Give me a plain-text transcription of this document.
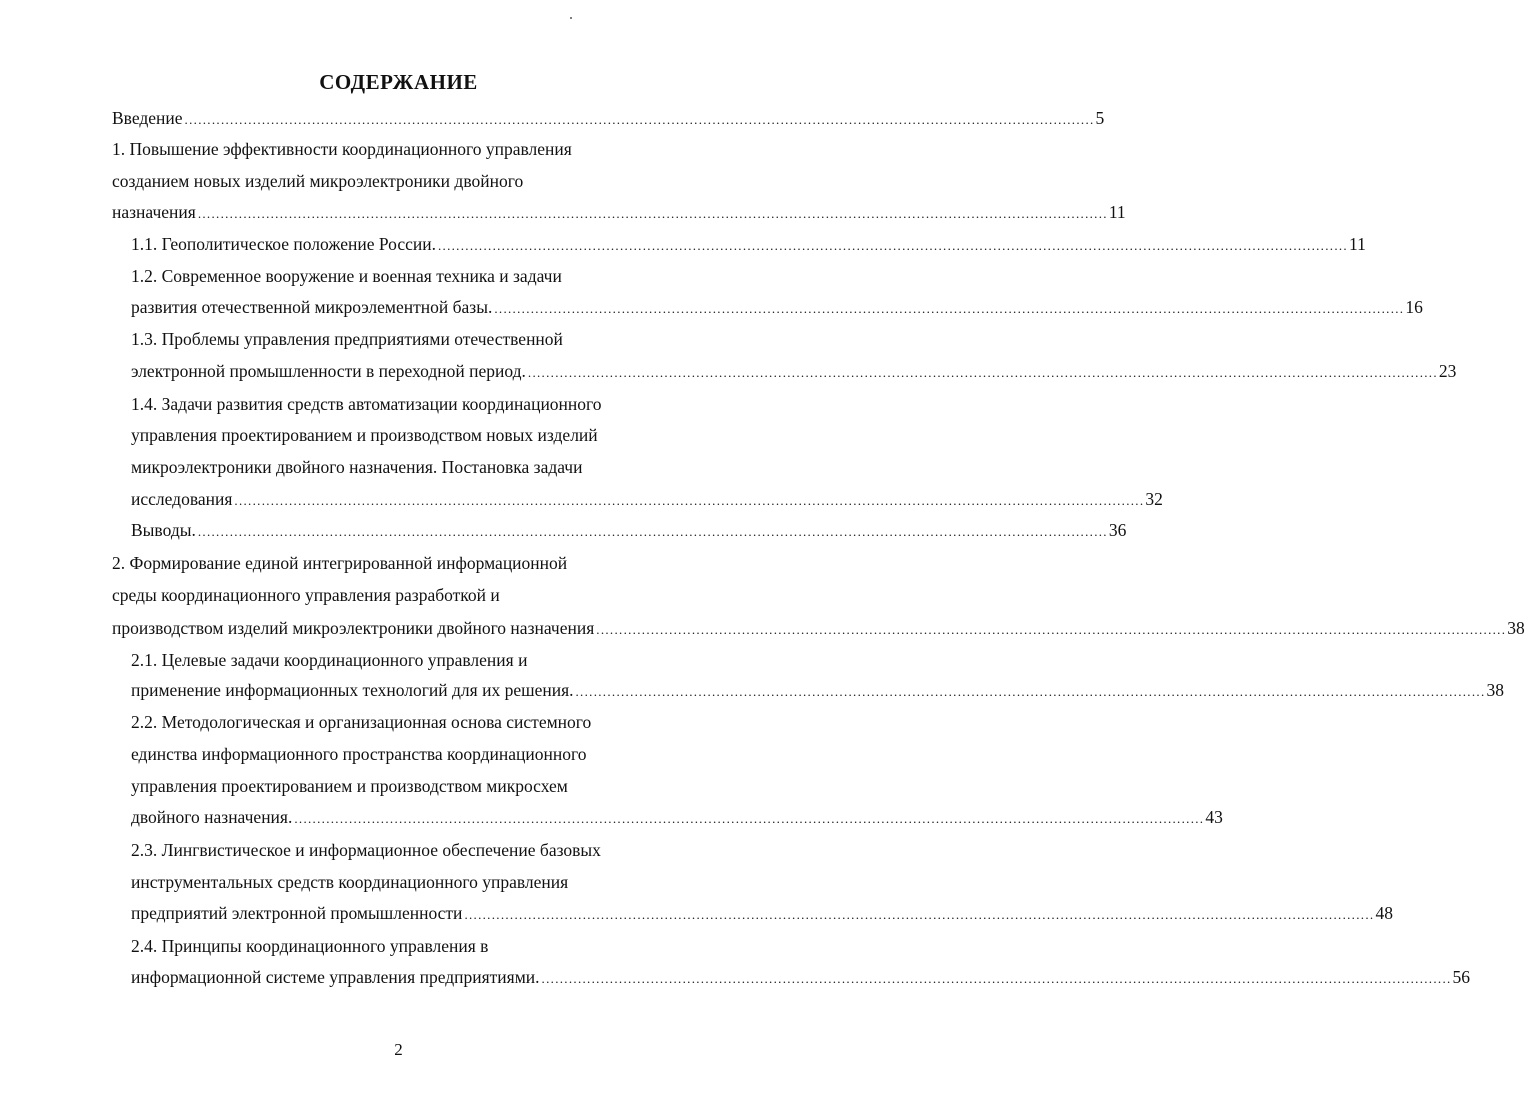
СОДЕРЖАНИЕ
Введение ........................................................................................................................................................................................................ 5
1. Повышение эффективности координационного управления
созданием новых изделий микроэлектроники двойного
назначения ........................................................................................................................................................................................................ 11
1.1. Геополитическое положение России. ........................................................................................................................................................................................................ 11
1.2. Современное вооружение и военная техника и задачи
развития отечественной микроэлементной базы. ........................................................................................................................................................................................................ 16
1.3. Проблемы управления предприятиями отечественной
электронной промышленности в переходной период. ........................................................................................................................................................................................................ 23
1.4. Задачи развития средств автоматизации координационного
управления проектированием и производством новых изделий
микроэлектроники двойного назначения. Постановка задачи
исследования ........................................................................................................................................................................................................ 32
Выводы. ........................................................................................................................................................................................................ 36
2. Формирование единой интегрированной информационной
среды координационного управления разработкой и
производством изделий микроэлектроники двойного назначения ........................................................................................................................................................................................................ 38
2.1. Целевые задачи координационного управления и
применение информационных технологий для их решения. ........................................................................................................................................................................................................ 38
2.2. Методологическая и организационная основа системного
единства информационного пространства координационного
управления проектированием и производством микросхем
двойного назначения. ........................................................................................................................................................................................................ 43
2.3. Лингвистическое и информационное обеспечение базовых
инструментальных средств координационного управления
предприятий электронной промышленности ........................................................................................................................................................................................................ 48
2.4. Принципы координационного управления в
информационной системе управления предприятиями. ........................................................................................................................................................................................................ 56
2
